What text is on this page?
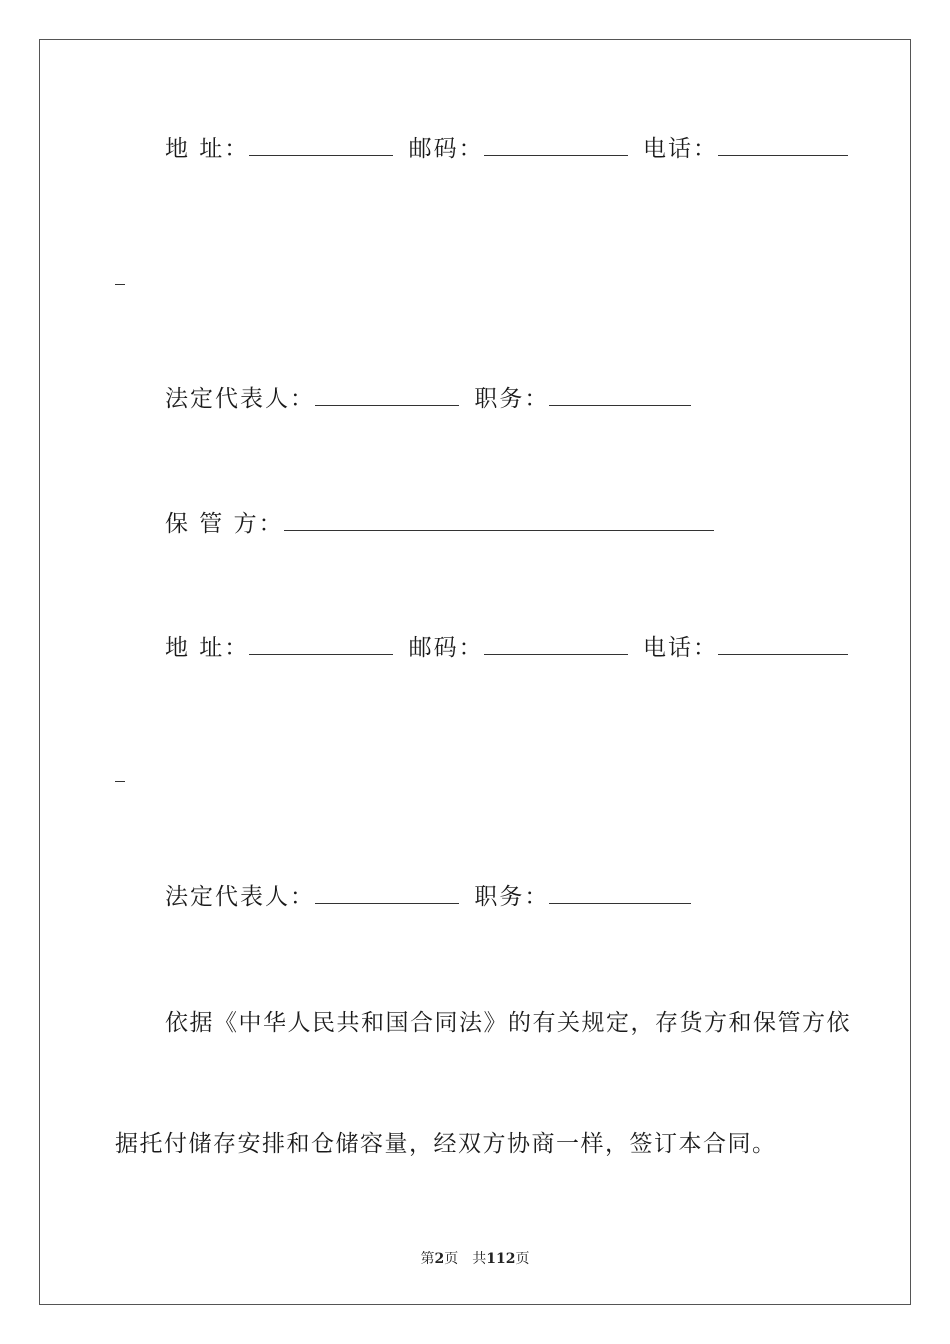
地 址：	邮码：	电话：
法定代表人：	职务：
保 管 方：
地 址：	邮码：	电话：
法定代表人：	职务：
依据《中华人民共和国合同法》的有关规定，存货方和保管方依
据托付储存安排和仓储容量，经双方协商一样，签订本合同。
第2页　共112页
